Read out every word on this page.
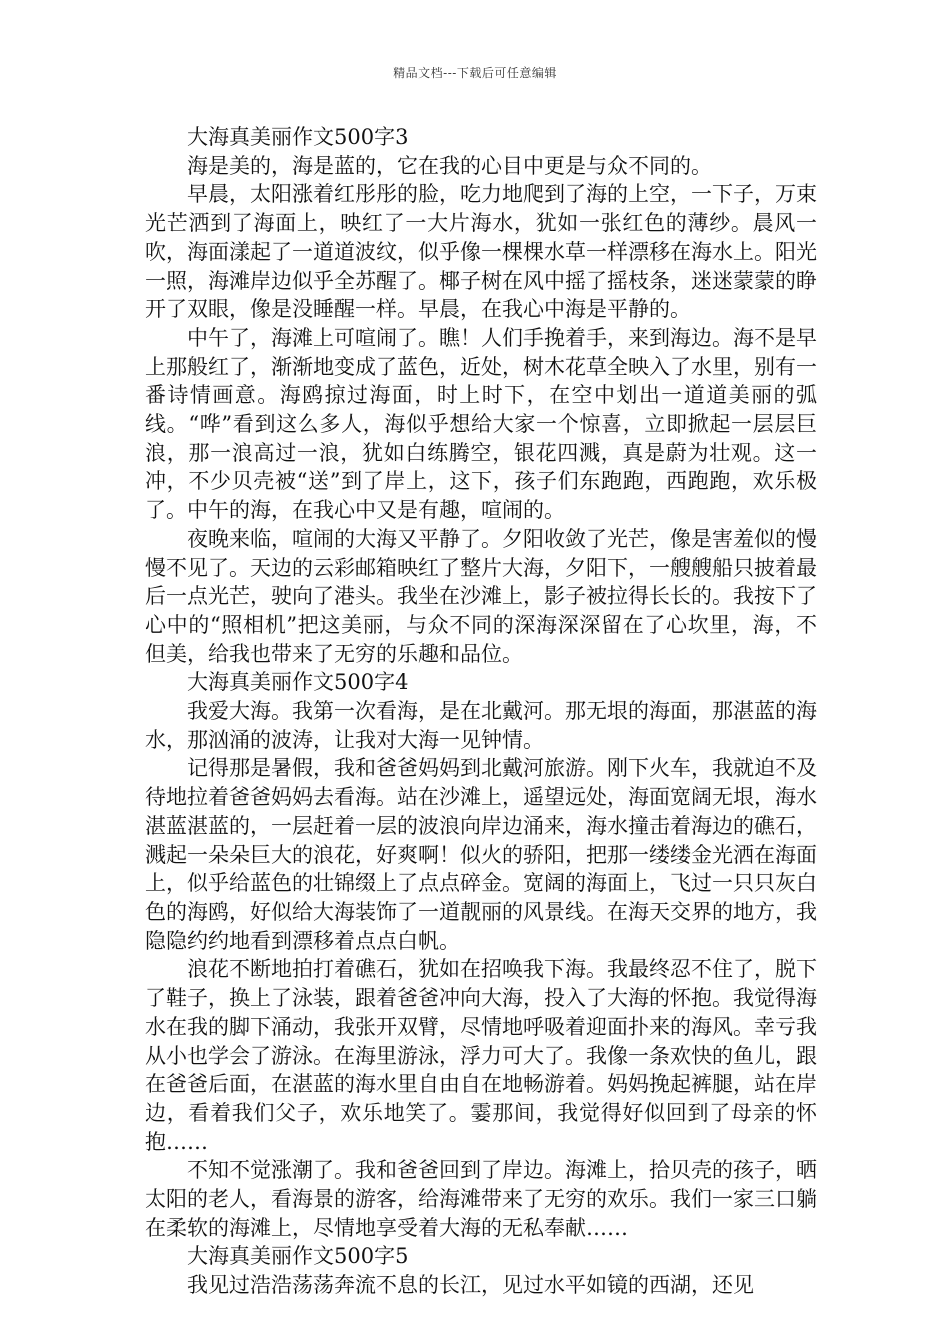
精品文档---下载后可任意编辑

大海真美丽作文500字3

海是美的，海是蓝的，它在我的心目中更是与众不同的。

早晨，太阳涨着红彤彤的脸，吃力地爬到了海的上空，一下子，万束光芒洒到了海面上，映红了一大片海水，犹如一张红色的薄纱。晨风一吹，海面漾起了一道道波纹，似乎像一棵棵水草一样漂移在海水上。阳光一照，海滩岸边似乎全苏醒了。椰子树在风中摇了摇枝条，迷迷蒙蒙的睁开了双眼，像是没睡醒一样。早晨，在我心中海是平静的。

中午了，海滩上可喧闹了。瞧！人们手挽着手，来到海边。海不是早上那般红了，渐渐地变成了蓝色，近处，树木花草全映入了水里，别有一番诗情画意。海鸥掠过海面，时上时下，在空中划出一道道美丽的弧线。“哗”看到这么多人，海似乎想给大家一个惊喜，立即掀起一层层巨浪，那一浪高过一浪，犹如白练腾空，银花四溅，真是蔚为壮观。这一冲，不少贝壳被“送”到了岸上，这下，孩子们东跑跑，西跑跑，欢乐极了。中午的海，在我心中又是有趣，喧闹的。

夜晚来临，喧闹的大海又平静了。夕阳收敛了光芒，像是害羞似的慢慢不见了。天边的云彩邮箱映红了整片大海，夕阳下，一艘艘船只披着最后一点光芒，驶向了港头。我坐在沙滩上，影子被拉得长长的。我按下了心中的“照相机”把这美丽，与众不同的深海深深留在了心坎里，海，不但美，给我也带来了无穷的乐趣和品位。

大海真美丽作文500字4

我爱大海。我第一次看海，是在北戴河。那无垠的海面，那湛蓝的海水，那汹涌的波涛，让我对大海一见钟情。

记得那是暑假，我和爸爸妈妈到北戴河旅游。刚下火车，我就迫不及待地拉着爸爸妈妈去看海。站在沙滩上，遥望远处，海面宽阔无垠，海水湛蓝湛蓝的，一层赶着一层的波浪向岸边涌来，海水撞击着海边的礁石，溅起一朵朵巨大的浪花，好爽啊！似火的骄阳，把那一缕缕金光洒在海面上，似乎给蓝色的壮锦缀上了点点碎金。宽阔的海面上，飞过一只只灰白色的海鸥，好似给大海装饰了一道靓丽的风景线。在海天交界的地方，我隐隐约约地看到漂移着点点白帆。

浪花不断地拍打着礁石，犹如在招唤我下海。我最终忍不住了，脱下了鞋子，换上了泳装，跟着爸爸冲向大海，投入了大海的怀抱。我觉得海水在我的脚下涌动，我张开双臂，尽情地呼吸着迎面扑来的海风。幸亏我从小也学会了游泳。在海里游泳，浮力可大了。我像一条欢快的鱼儿，跟在爸爸后面，在湛蓝的海水里自由自在地畅游着。妈妈挽起裤腿，站在岸边，看着我们父子，欢乐地笑了。霎那间，我觉得好似回到了母亲的怀抱……

不知不觉涨潮了。我和爸爸回到了岸边。海滩上，拾贝壳的孩子，晒太阳的老人，看海景的游客，给海滩带来了无穷的欢乐。我们一家三口躺在柔软的海滩上，尽情地享受着大海的无私奉献……

大海真美丽作文500字5

我见过浩浩荡荡奔流不息的长江，见过水平如镜的西湖，还见
